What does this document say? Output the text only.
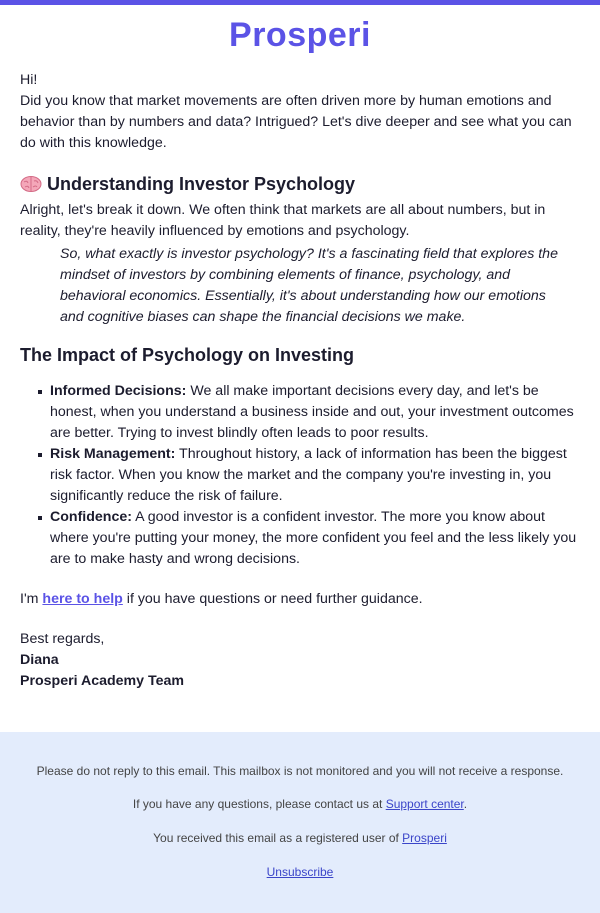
Prosperi
Hi!

Did you know that market movements are often driven more by human emotions and behavior than by numbers and data? Intrigued? Let's dive deeper and see what you can do with this knowledge.

Understanding Investor Psychology

Alright, let's break it down. We often think that markets are all about numbers, but in reality, they're heavily influenced by emotions and psychology.

So, what exactly is investor psychology? It's a fascinating field that explores the mindset of investors by combining elements of finance, psychology, and behavioral economics. Essentially, it's about understanding how our emotions and cognitive biases can shape the financial decisions we make.

The Impact of Psychology on Investing
Informed Decisions: We all make important decisions every day, and let's be honest, when you understand a business inside and out, your investment outcomes are better. Trying to invest blindly often leads to poor results.
Risk Management: Throughout history, a lack of information has been the biggest risk factor. When you know the market and the company you're investing in, you significantly reduce the risk of failure.
Confidence: A good investor is a confident investor. The more you know about where you're putting your money, the more confident you feel and the less likely you are to make hasty and wrong decisions.
I'm here to help if you have questions or need further guidance.
Best regards,
Diana
Prosperi Academy Team

Please do not reply to this email. This mailbox is not monitored and you will not receive a response.

If you have any questions, please contact us at Support center.

You received this email as a registered user of Prosperi

Unsubscribe
